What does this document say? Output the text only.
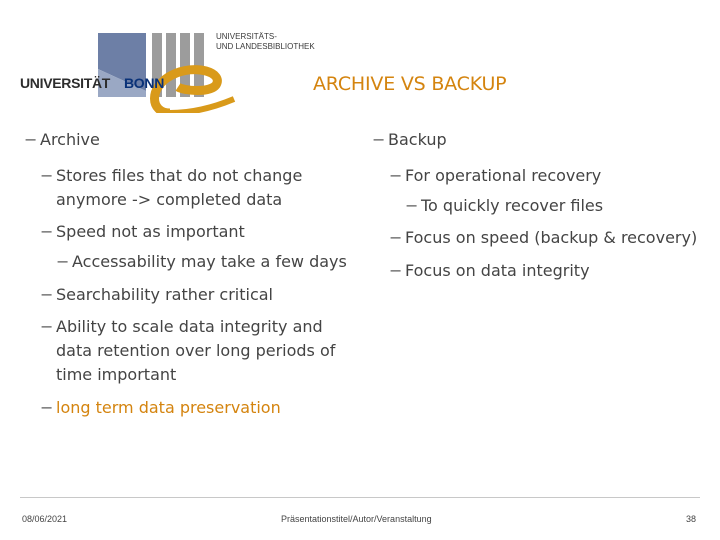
UNIVERSITÄT BONN
UNIVERSITÄTS-
UND LANDESBIBLIOTHEK
ARCHIVE VS BACKUP
− Archive
− Stores files that do not change anymore -> completed data
− Speed not as important
− Accessability may take a few days
− Searchability rather critical
− Ability to scale data integrity and data retention over long periods of time important
− long term data preservation
− Backup
− For operational recovery
− To quickly recover files
− Focus on speed (backup & recovery)
− Focus on data integrity
08/06/2021	Präsentationstitel/Autor/Veranstaltung	38
